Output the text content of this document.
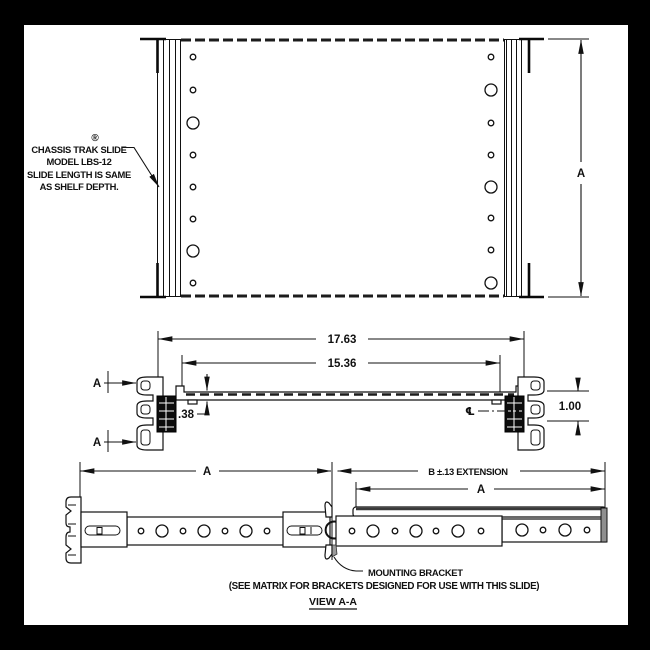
A
®
CHASSIS TRAK SLIDE
MODEL LBS-12
SLIDE LENGTH IS SAME
AS SHELF DEPTH.
17.63
15.36
A
A
.38	℄	1.00
A	B ±.13 EXTENSION
A
MOUNTING BRACKET
(SEE MATRIX FOR BRACKETS DESIGNED FOR USE WITH THIS SLIDE)
VIEW A-A
